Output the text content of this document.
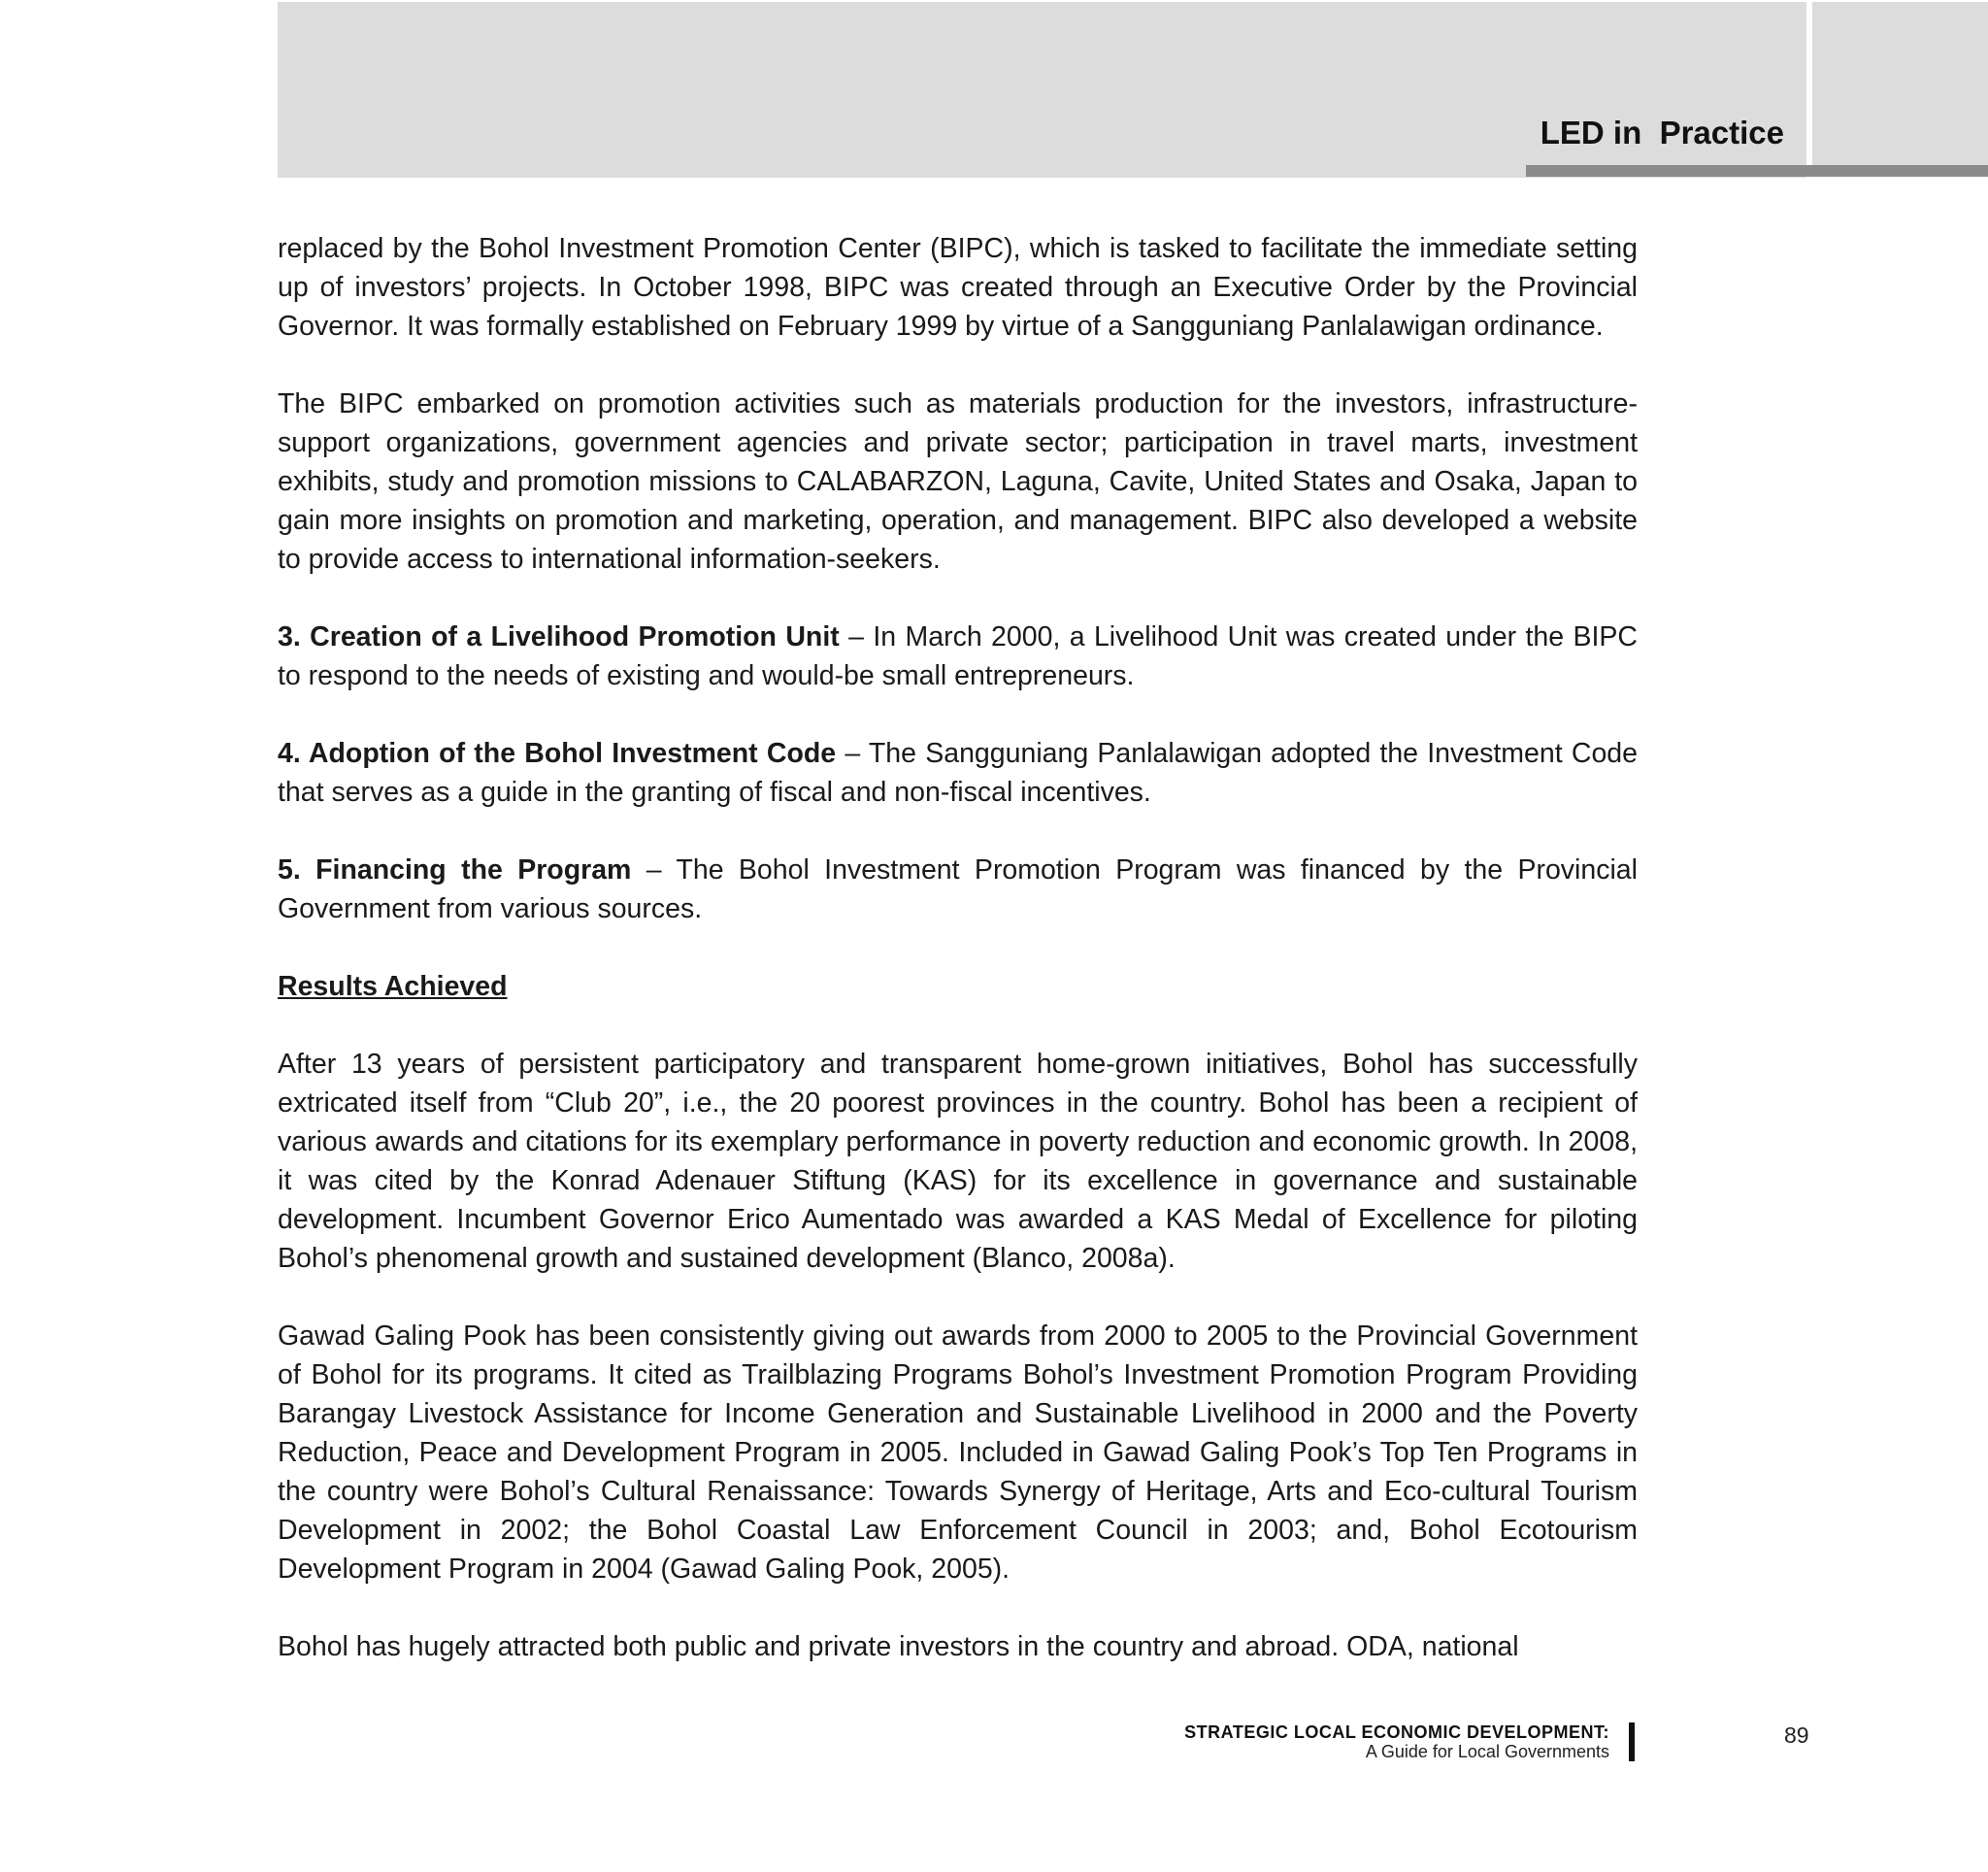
LED in  Practice

replaced by the Bohol Investment Promotion Center (BIPC), which is tasked to facilitate the immediate setting up of investors’ projects. In October 1998, BIPC was created through an Executive Order by the Provincial Governor. It was formally established on February 1999 by virtue of a Sangguniang Panlalawigan ordinance.

The BIPC embarked on promotion activities such as materials production for the investors, infrastructure-support organizations, government agencies and private sector; participation in travel marts, investment exhibits, study and promotion missions to CALABARZON, Laguna, Cavite, United States and Osaka, Japan to gain more insights on promotion and marketing, operation, and management. BIPC also developed a website to provide access to international information-seekers.

3. Creation of a Livelihood Promotion Unit – In March 2000, a Livelihood Unit was created under the BIPC to respond to the needs of existing and would-be small entrepreneurs.

4. Adoption of the Bohol Investment Code – The Sangguniang Panlalawigan adopted the Investment Code that serves as a guide in the granting of fiscal and non-fiscal incentives.

5. Financing the Program – The Bohol Investment Promotion Program was financed by the Provincial Government from various sources.

Results Achieved

After 13 years of persistent participatory and transparent home-grown initiatives, Bohol has successfully extricated itself from “Club 20”, i.e., the 20 poorest provinces in the country. Bohol has been a recipient of various awards and citations for its exemplary performance in poverty reduction and economic growth. In 2008, it was cited by the Konrad Adenauer Stiftung (KAS) for its excellence in governance and sustainable development. Incumbent Governor Erico Aumentado was awarded a KAS Medal of Excellence for piloting Bohol’s phenomenal growth and sustained development (Blanco, 2008a).

Gawad Galing Pook has been consistently giving out awards from 2000 to 2005 to the Provincial Government of Bohol for its programs. It cited as Trailblazing Programs Bohol’s Investment Promotion Program Providing Barangay Livestock Assistance for Income Generation and Sustainable Livelihood in 2000 and the Poverty Reduction, Peace and Development Program in 2005. Included in Gawad Galing Pook’s Top Ten Programs in the country were Bohol’s Cultural Renaissance: Towards Synergy of Heritage, Arts and Eco-cultural Tourism Development in 2002; the Bohol Coastal Law Enforcement Council in 2003; and, Bohol Ecotourism Development Program in 2004 (Gawad Galing Pook, 2005).

Bohol has hugely attracted both public and private investors in the country and abroad. ODA, national

STRATEGIC LOCAL ECONOMIC DEVELOPMENT:
A Guide for Local Governments
89
